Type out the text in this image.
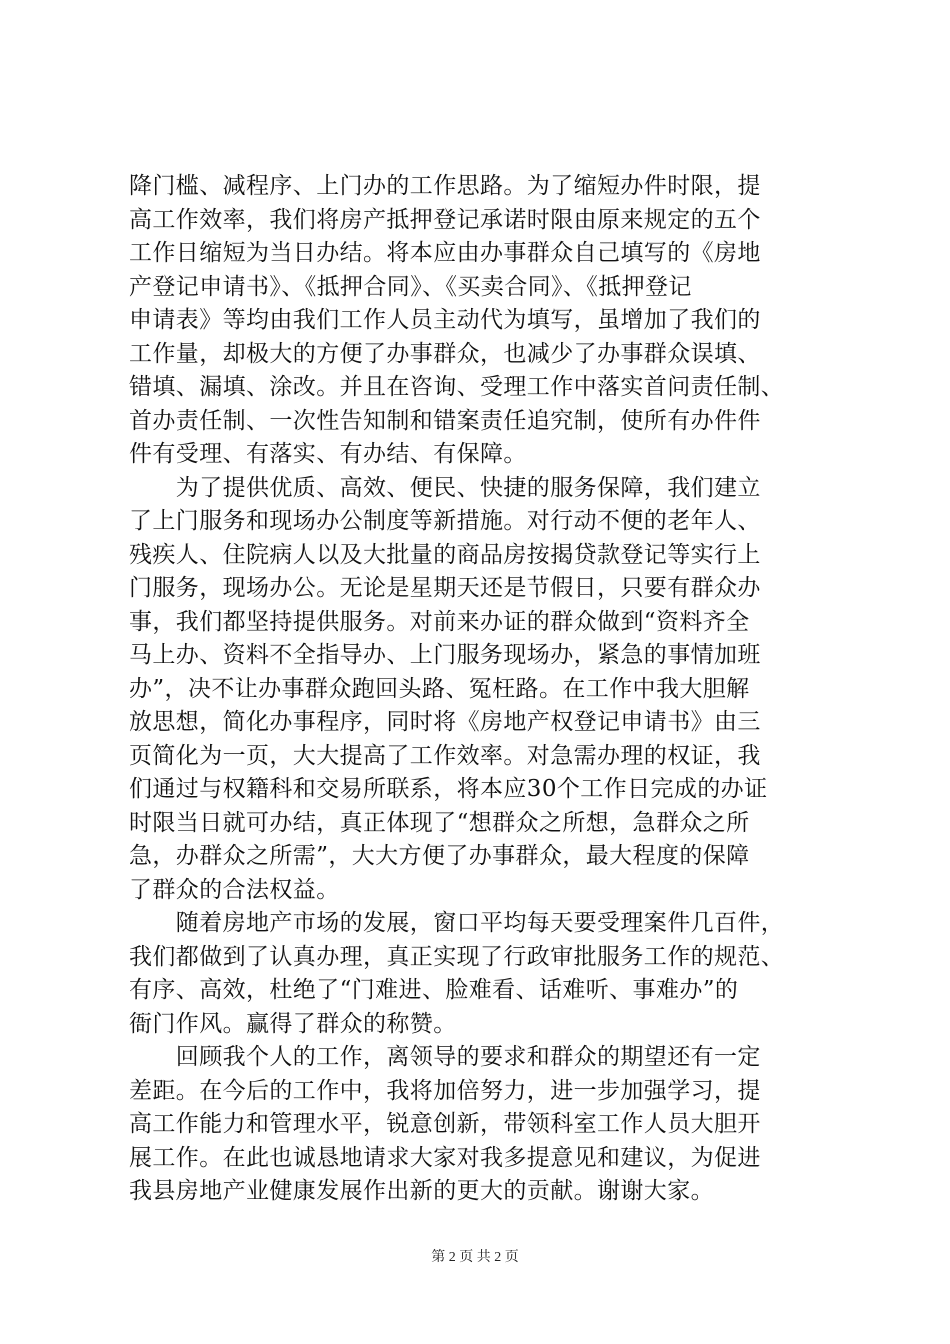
降门槛、减程序、上门办的工作思路。为了缩短办件时限，提
高工作效率，我们将房产抵押登记承诺时限由原来规定的五个
工作日缩短为当日办结。将本应由办事群众自己填写的《房地
产登记申请书》、《抵押合同》、《买卖合同》、《抵押登记
申请表》等均由我们工作人员主动代为填写，虽增加了我们的
工作量，却极大的方便了办事群众，也减少了办事群众误填、
错填、漏填、涂改。并且在咨询、受理工作中落实首问责任制、
首办责任制、一次性告知制和错案责任追究制，使所有办件件
件有受理、有落实、有办结、有保障。
　　为了提供优质、高效、便民、快捷的服务保障，我们建立
了上门服务和现场办公制度等新措施。对行动不便的老年人、
残疾人、住院病人以及大批量的商品房按揭贷款登记等实行上
门服务，现场办公。无论是星期天还是节假日，只要有群众办
事，我们都坚持提供服务。对前来办证的群众做到“资料齐全
马上办、资料不全指导办、上门服务现场办，紧急的事情加班
办”，决不让办事群众跑回头路、冤枉路。在工作中我大胆解
放思想，简化办事程序，同时将《房地产权登记申请书》由三
页简化为一页，大大提高了工作效率。对急需办理的权证，我
们通过与权籍科和交易所联系，将本应30个工作日完成的办证
时限当日就可办结，真正体现了“想群众之所想，急群众之所
急，办群众之所需”，大大方便了办事群众，最大程度的保障
了群众的合法权益。
　　随着房地产市场的发展，窗口平均每天要受理案件几百件，
我们都做到了认真办理，真正实现了行政审批服务工作的规范、
有序、高效，杜绝了“门难进、脸难看、话难听、事难办”的
衙门作风。赢得了群众的称赞。
　　回顾我个人的工作，离领导的要求和群众的期望还有一定
差距。在今后的工作中，我将加倍努力，进一步加强学习，提
高工作能力和管理水平，锐意创新，带领科室工作人员大胆开
展工作。在此也诚恳地请求大家对我多提意见和建议，为促进
我县房地产业健康发展作出新的更大的贡献。谢谢大家。
第 2 页 共 2 页
